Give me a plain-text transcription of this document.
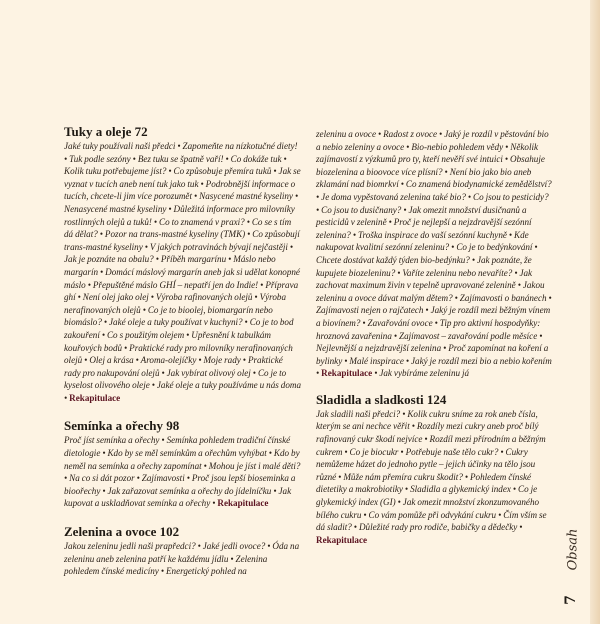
Tuky a oleje 72

Jaké tuky používali naši předci • Zapomeňte na nízkotučné diety! • Tuk podle sezóny • Bez tuku se špatně vaří! • Co dokáže tuk • Kolik tuku potřebujeme jíst? • Co způsobuje přemíra tuků • Jak se vyznat v tucích aneb není tuk jako tuk • Podrobnější informace o tucích, chcete-li jim více porozumět • Nasycené mastné kyseliny • Nenasycené mastné kyseliny • Důležitá informace pro milovníky rostlinných olejů a tuků! • Co to znamená v praxi? • Co se s tím dá dělat? • Pozor na trans-mastné kyseliny (TMK) • Co způsobují trans-mastné kyseliny • V jakých potravinách bývají nejčastěji • Jak je poznáte na obalu? • Příběh margarínu • Máslo nebo margarín • Domácí máslový margarín aneb jak si udělat konopné máslo • Přepuštěné máslo GHÍ – nepatří jen do Indie! • Příprava ghí • Není olej jako olej • Výroba rafinovaných olejů • Výroba nerafinovaných olejů • Co je to bioolej, biomargarín nebo biomáslo? • Jaké oleje a tuky používat v kuchyni? • Co je to bod zakouření • Co s použitým olejem • Upřesnění k tabulkám kouřových bodů • Praktické rady pro milovníky nerafinovaných olejů • Olej a krása • Aroma-olejíčky • Moje rady • Praktické rady pro nakupování olejů • Jak vybírat olivový olej • Co je to kyselost olivového oleje • Jaké oleje a tuky používáme u nás doma • Rekapitulace

Semínka a ořechy 98

Proč jíst semínka a ořechy • Semínka pohledem tradiční čínské dietologie • Kdo by se měl semínkům a ořechům vyhýbat • Kdo by neměl na semínka a ořechy zapomínat • Mohou je jíst i malé děti? • Na co si dát pozor • Zajímavosti • Proč jsou lepší bioseminka a bioořechy • Jak zařazovat semínka a ořechy do jídelníčku • Jak kupovat a uskladňovat semínka a ořechy • Rekapitulace

Zelenina a ovoce 102

Jakou zeleninu jedli naši prapředci? • Jaké jedli ovoce? • Óda na zeleninu aneb zelenina patří ke každému jídlu • Zelenina pohledem čínské medicíny • Energetický pohled na

zeleninu a ovoce • Radost z ovoce • Jaký je rozdíl v pěstování bio a nebio zeleniny a ovoce • Bio-nebio pohledem vědy • Několik zajímavostí z výzkumů pro ty, kteří nevěří své intuici • Obsahuje biozelenina a bioovoce více plísní? • Není bio jako bio aneb zklamání nad biomrkví • Co znamená biodynamické zemědělství? • Je doma vypěstovaná zelenina také bio? • Co jsou to pesticidy? • Co jsou to dusičnany? • Jak omezit množství dusičnanů a pesticidů v zelenině • Proč je nejlepší a nejzdravější sezónní zelenina? • Troška inspirace do vaší sezónní kuchyně • Kde nakupovat kvalitní sezónní zeleninu? • Co je to bedýnkování • Chcete dostávat každý týden bio-bedýnku? • Jak poznáte, že kupujete biozeleninu? • Vaříte zeleninu nebo nevaříte? • Jak zachovat maximum živin v tepelně upravované zelenině • Jakou zeleninu a ovoce dávat malým dětem? • Zajímavosti o banánech • Zajímavosti nejen o rajčatech • Jaký je rozdíl mezi běžným vínem a biovínem? • Zavařování ovoce • Tip pro aktivní hospodyňky: hroznová zavařenina • Zajímavost – zavařování podle měsíce • Nejlevnější a nejzdravější zelenina • Proč zapomínat na koření a bylinky • Malé inspirace • Jaký je rozdíl mezi bio a nebio kořením • Rekapitulace • Jak vybíráme zeleninu já

Sladidla a sladkosti 124

Jak sladili naši předci? • Kolik cukru sníme za rok aneb čísla, kterým se ani nechce věřit • Rozdíly mezi cukry aneb proč bílý rafinovaný cukr škodí nejvíce • Rozdíl mezi přírodním a běžným cukrem • Co je biocukr • Potřebuje naše tělo cukr? • Cukry nemůžeme házet do jednoho pytle – jejich účinky na tělo jsou různé • Může nám přemíra cukru škodit? • Pohledem čínské dietetiky a makrobiotiky • Sladidla a glykemický index • Co je glykemický index (GI) • Jak omezit množství zkonzumovaného bílého cukru • Co vám pomůže při odvykání cukru • Čím vším se dá sladit? • Důležité rady pro rodiče, babičky a dědečky • Rekapitulace	Obsah
7
